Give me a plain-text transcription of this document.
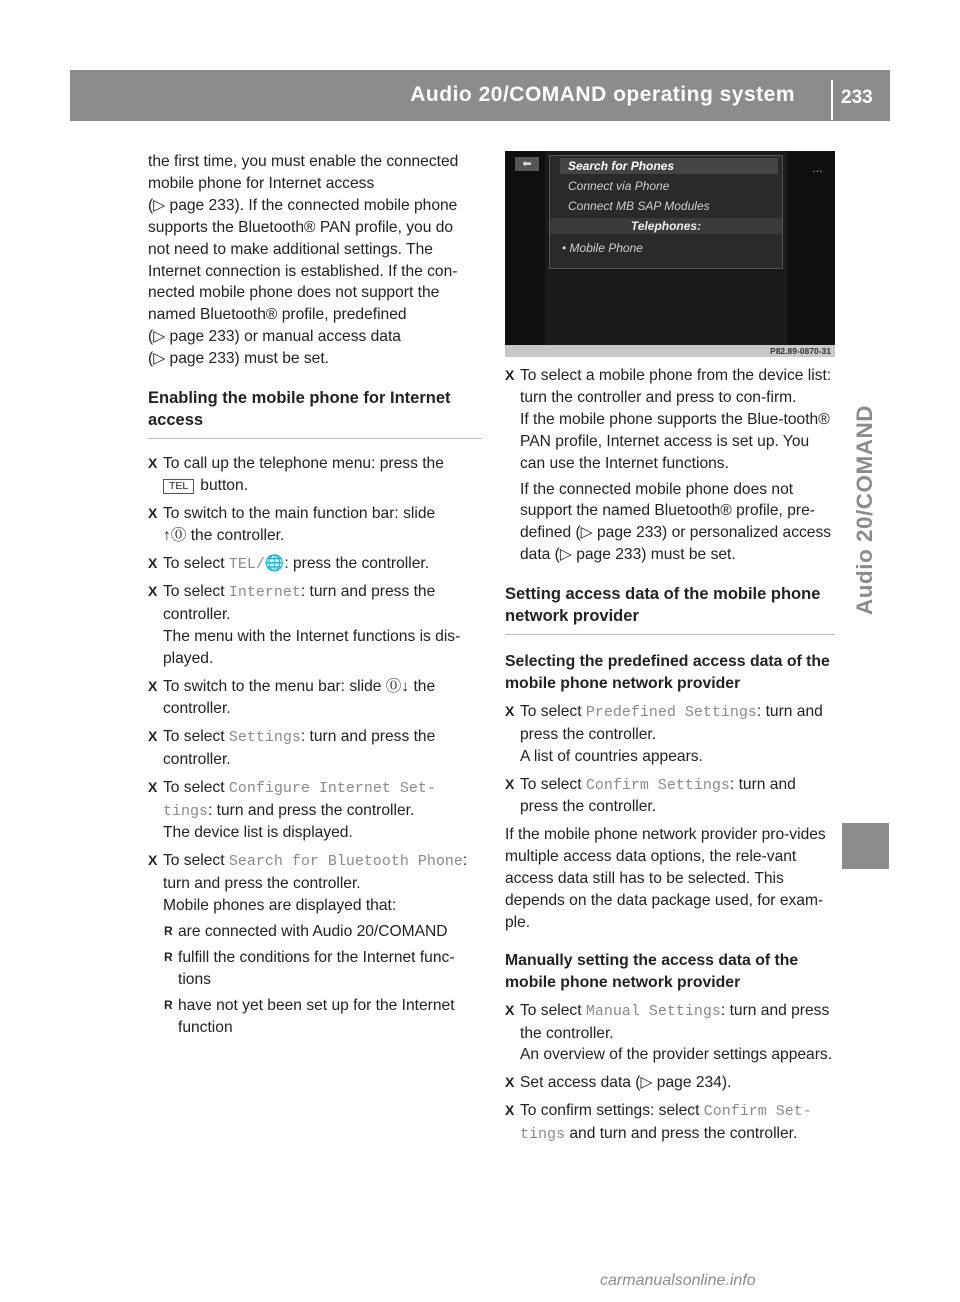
Audio 20/COMAND operating system 233
Audio 20/COMAND

the first time, you must enable the connected

mobile phone for Internet access

(▷ page 233). If the connected mobile phone

supports the Bluetooth® PAN profile, you do

not need to make additional settings. The

Internet connection is established. If the con-

nected mobile phone does not support the

named Bluetooth® profile, predefined

(▷ page 233) or manual access data

(▷ page 233) must be set.

Enabling the mobile phone for Internet access
X To call up the telephone menu: press the
TEL button.
X To switch to the main function bar: slide
↑⓪ the controller.
X To select TEL/🌐: press the controller.
X To select Internet: turn and press the controller.
The menu with the Internet functions is dis-played.
X To switch to the menu bar: slide ⓪↓ the controller.
X To select Settings: turn and press the controller.
X To select Configure Internet Set‐tings: turn and press the controller.
The device list is displayed.
X To select Search for Bluetooth Phone: turn and press the controller.
Mobile phones are displayed that:
R are connected with Audio 20/COMAND
R fulfill the conditions for the Internet func-tions
R have not yet been set up for the Internet function
⬅	Search for Phones
Connect via Phone
Connect MB SAP Modules
Telephones:
• Mobile Phone
…
P82.89-0870-31
X To select a mobile phone from the device list: turn the controller and press to con-firm.

If the mobile phone supports the Blue-tooth® PAN profile, Internet access is set up. You can use the Internet functions.

If the connected mobile phone does not support the named Bluetooth® profile, pre-defined (▷ page 233) or personalized access data (▷ page 233) must be set.

Setting access data of the mobile phone network provider
Selecting the predefined access data of the mobile phone network provider
X To select Predefined Settings: turn and press the controller.
A list of countries appears.
X To select Confirm Settings: turn and press the controller.

If the mobile phone network provider pro-vides multiple access data options, the rele-vant access data still has to be selected. This depends on the data package used, for exam-ple.

Manually setting the access data of the mobile phone network provider
X To select Manual Settings: turn and press the controller.
An overview of the provider settings appears.
X Set access data (▷ page 234).
X To confirm settings: select Confirm Set‐tings and turn and press the controller.
carmanualsonline.info
